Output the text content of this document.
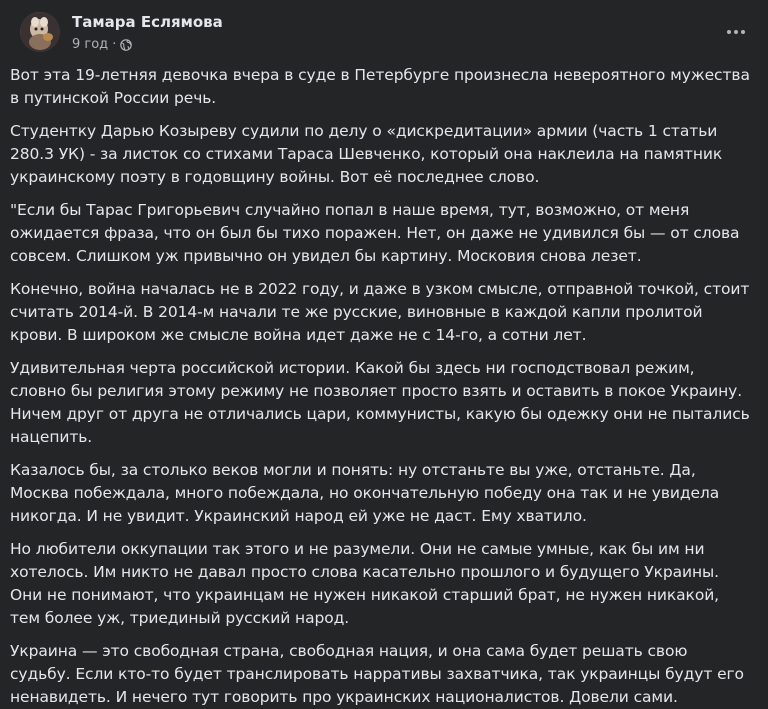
Тамара Еслямова
9 год ·

Вот эта 19-летняя девочка вчера в суде в Петербурге произнесла невероятного мужества в путинской России речь.

Студентку Дарью Козыреву судили по делу о «дискредитации» армии (часть 1 статьи 280.3 УК) - за листок со стихами Тараса Шевченко, который она наклеила на памятник украинскому поэту в годовщину войны. Вот её последнее слово.

"Если бы Тарас Григорьевич случайно попал в наше время, тут, возможно, от меня ожидается фраза, что он был бы тихо поражен. Нет, он даже не удивился бы — от слова совсем. Слишком уж привычно он увидел бы картину. Московия снова лезет.

Конечно, война началась не в 2022 году, и даже в узком смысле, отправной точкой, стоит считать 2014-й. В 2014-м начали те же русские, виновные в каждой капли пролитой крови. В широком же смысле война идет даже не с 14-го, а сотни лет.

Удивительная черта российской истории. Какой бы здесь ни господствовал режим, словно бы религия этому режиму не позволяет просто взять и оставить в покое Украину. Ничем друг от друга не отличались цари, коммунисты, какую бы одежку они не пытались нацепить.

Казалось бы, за столько веков могли и понять: ну отстаньте вы уже, отстаньте. Да, Москва побеждала, много побеждала, но окончательную победу она так и не увидела никогда. И не увидит. Украинский народ ей уже не даст. Ему хватило.

Но любители оккупации так этого и не разумели. Они не самые умные, как бы им ни хотелось. Им никто не давал просто слова касательно прошлого и будущего Украины. Они не понимают, что украинцам не нужен никакой старший брат, не нужен никакой, тем более уж, триединый русский народ.

Украина — это свободная страна, свободная нация, и она сама будет решать свою судьбу. Если кто-то будет транслировать нарративы захватчика, так украинцы будут его ненавидеть. И нечего тут говорить про украинских националистов. Довели сами.
